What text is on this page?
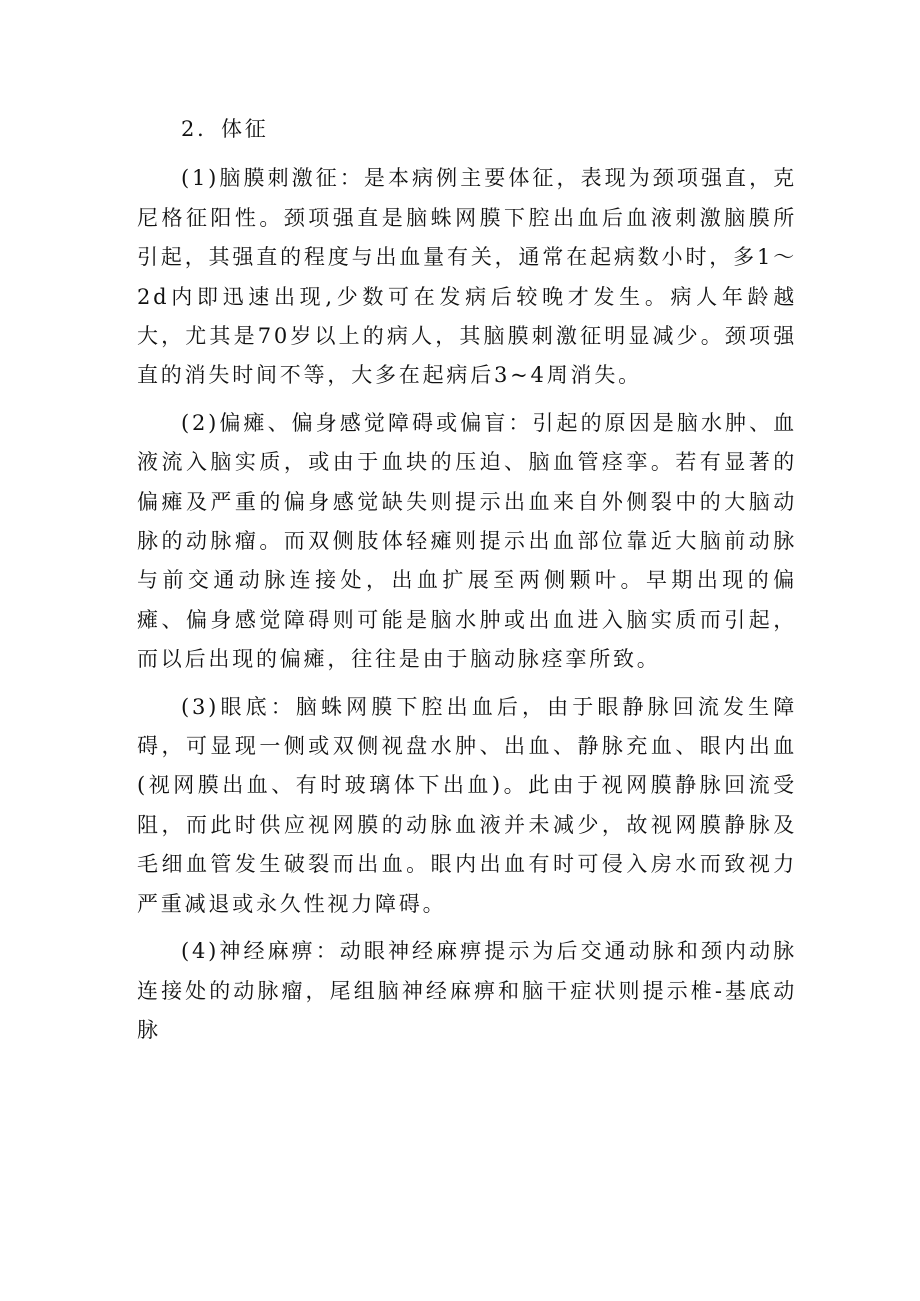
2．体征

(1)脑膜刺激征：是本病例主要体征，表现为颈项强直，克尼格征阳性。颈项强直是脑蛛网膜下腔出血后血液刺激脑膜所引起，其强直的程度与出血量有关，通常在起病数小时，多1～2d内即迅速出现,少数可在发病后较晚才发生。病人年龄越大，尤其是70岁以上的病人，其脑膜刺激征明显减少。颈项强直的消失时间不等，大多在起病后3~4周消失。

(2)偏瘫、偏身感觉障碍或偏盲：引起的原因是脑水肿、血液流入脑实质，或由于血块的压迫、脑血管痉挛。若有显著的偏瘫及严重的偏身感觉缺失则提示出血来自外侧裂中的大脑动脉的动脉瘤。而双侧肢体轻瘫则提示出血部位靠近大脑前动脉与前交通动脉连接处，出血扩展至两侧颗叶。早期出现的偏瘫、偏身感觉障碍则可能是脑水肿或出血进入脑实质而引起，而以后出现的偏瘫，往往是由于脑动脉痉挛所致。

(3)眼底：脑蛛网膜下腔出血后，由于眼静脉回流发生障碍，可显现一侧或双侧视盘水肿、出血、静脉充血、眼内出血(视网膜出血、有时玻璃体下出血)。此由于视网膜静脉回流受阻，而此时供应视网膜的动脉血液并未减少，故视网膜静脉及毛细血管发生破裂而出血。眼内出血有时可侵入房水而致视力严重减退或永久性视力障碍。

(4)神经麻痹：动眼神经麻痹提示为后交通动脉和颈内动脉连接处的动脉瘤，尾组脑神经麻痹和脑干症状则提示椎-基底动脉
